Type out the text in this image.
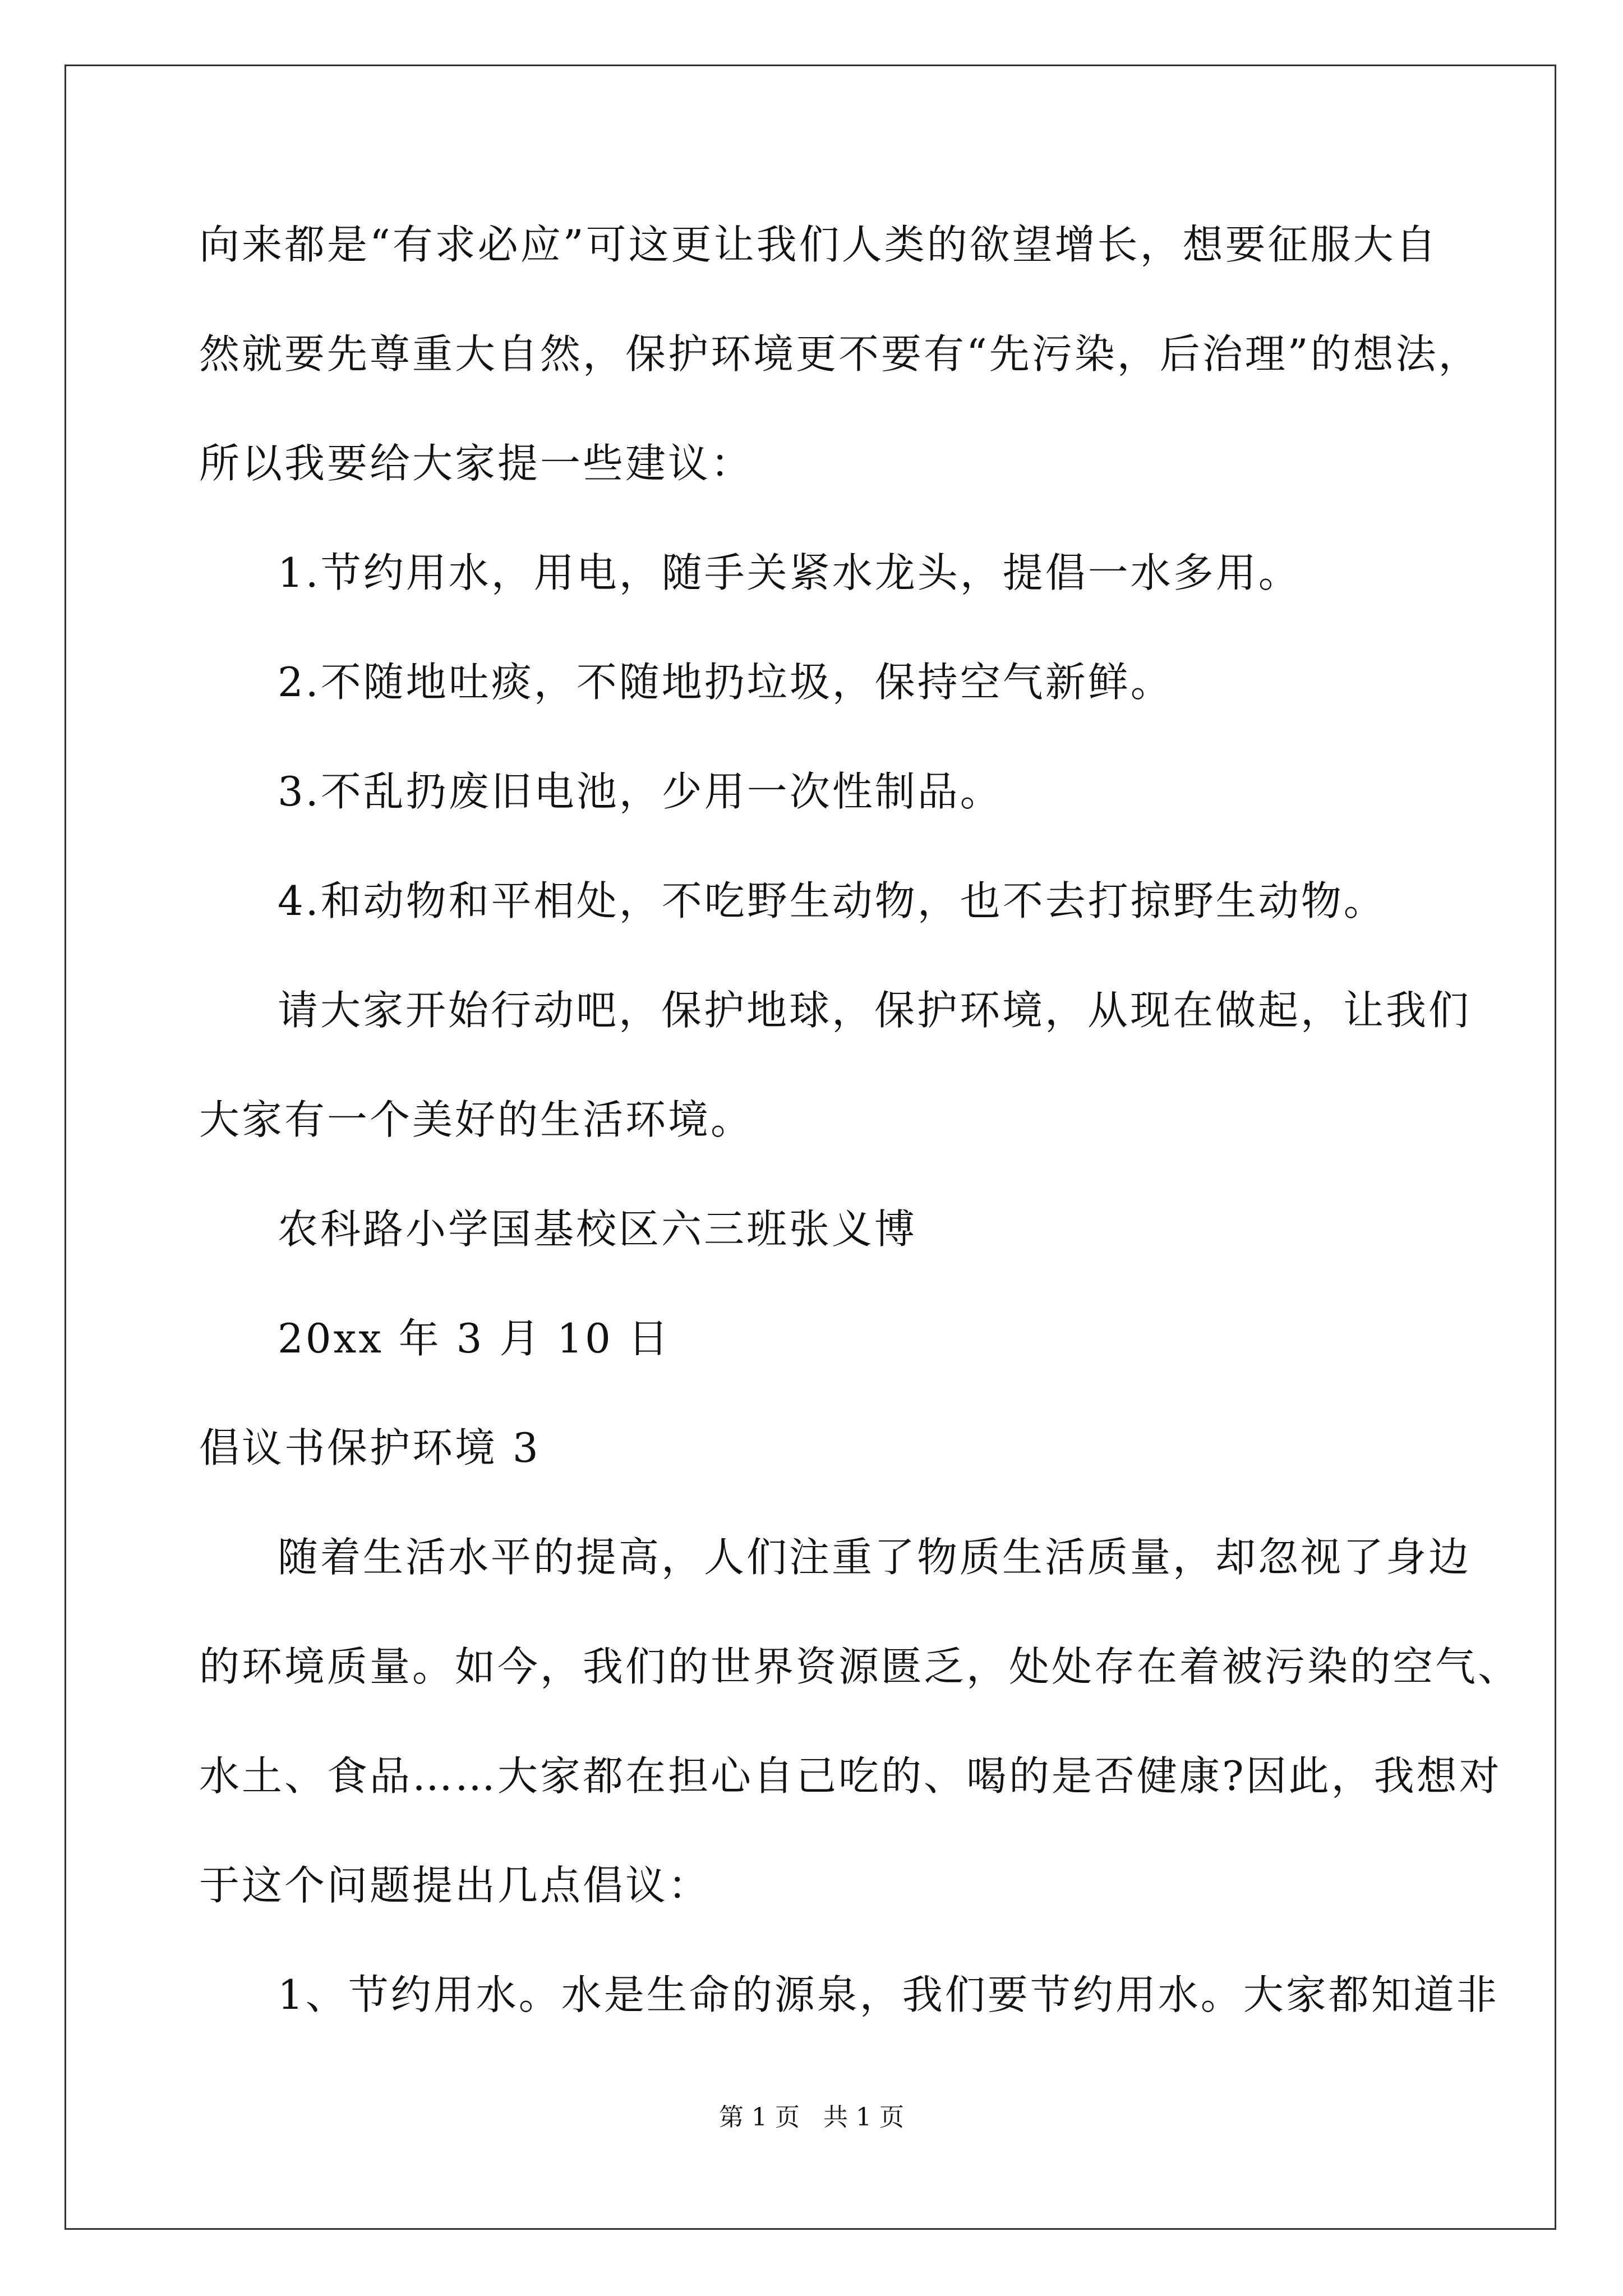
向来都是“有求必应”可这更让我们人类的欲望增长，想要征服大自
然就要先尊重大自然，保护环境更不要有“先污染，后治理”的想法，
所以我要给大家提一些建议：
1.节约用水，用电，随手关紧水龙头，提倡一水多用。
2.不随地吐痰，不随地扔垃圾，保持空气新鲜。
3.不乱扔废旧电池，少用一次性制品。
4.和动物和平相处，不吃野生动物，也不去打掠野生动物。
请大家开始行动吧，保护地球，保护环境，从现在做起，让我们
大家有一个美好的生活环境。
农科路小学国基校区六三班张义博
20xx 年 3 月 10 日
倡议书保护环境 3
随着生活水平的提高，人们注重了物质生活质量，却忽视了身边
的环境质量。如今，我们的世界资源匮乏，处处存在着被污染的空气、
水土、食品……大家都在担心自己吃的、喝的是否健康?因此，我想对
于这个问题提出几点倡议：
1、节约用水。水是生命的源泉，我们要节约用水。大家都知道非
第 1 页   共 1 页
